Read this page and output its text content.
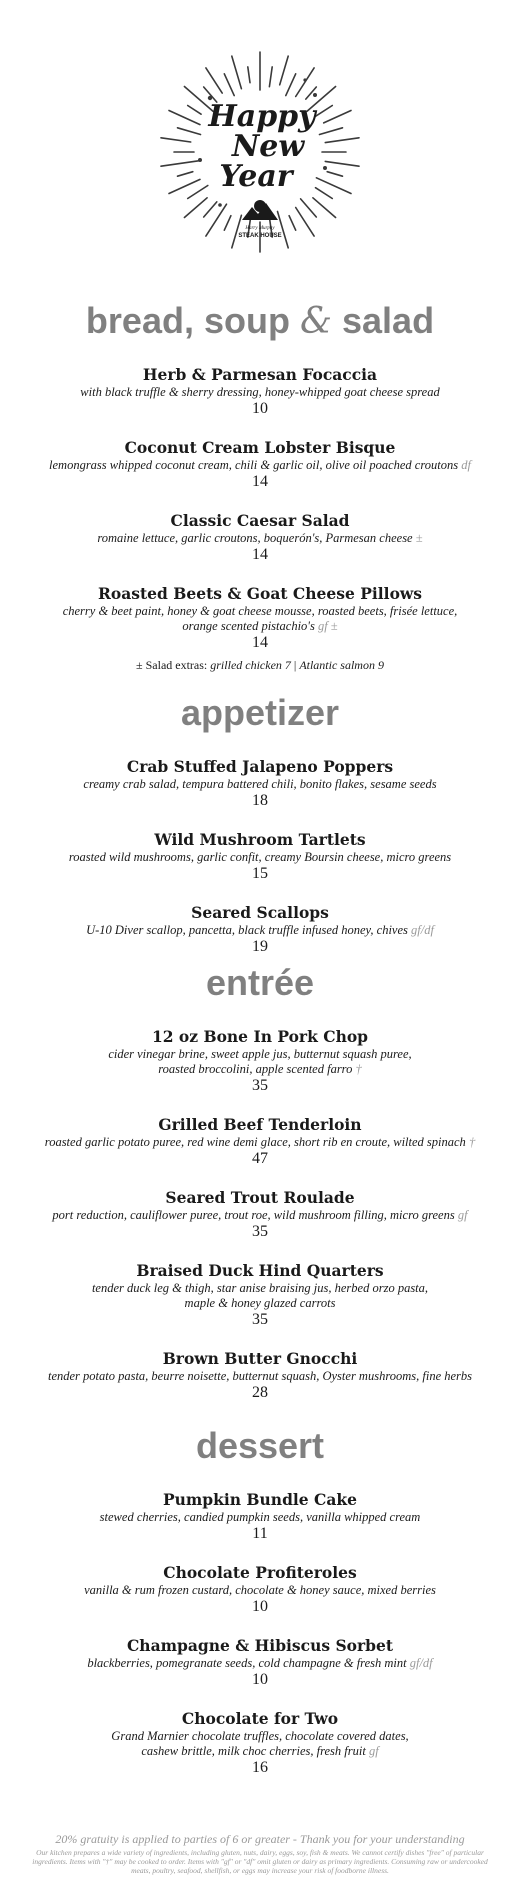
Happy
New
Year
Harry Murphy
STEAK HOUSE
bread, soup & salad
Herb & Parmesan Focaccia
with black truffle & sherry dressing, honey-whipped goat cheese spread
10
Coconut Cream Lobster Bisque
lemongrass whipped coconut cream, chili & garlic oil, olive oil poached croutons df
14
Classic Caesar Salad
romaine lettuce, garlic croutons, boquerón's, Parmesan cheese ±
14
Roasted Beets & Goat Cheese Pillows
cherry & beet paint, honey & goat cheese mousse, roasted beets, frisée lettuce,
orange scented pistachio's gf ±
14
± Salad extras: grilled chicken 7 | Atlantic salmon 9
appetizer
Crab Stuffed Jalapeno Poppers
creamy crab salad, tempura battered chili, bonito flakes, sesame seeds
18
Wild Mushroom Tartlets
roasted wild mushrooms, garlic confit, creamy Boursin cheese, micro greens
15
Seared Scallops
U-10 Diver scallop, pancetta, black truffle infused honey, chives gf/df
19
entrée
12 oz Bone In Pork Chop
cider vinegar brine, sweet apple jus, butternut squash puree,
roasted broccolini, apple scented farro †
35
Grilled Beef Tenderloin
roasted garlic potato puree, red wine demi glace, short rib en croute, wilted spinach †
47
Seared Trout Roulade
port reduction, cauliflower puree, trout roe, wild mushroom filling, micro greens gf
35
Braised Duck Hind Quarters
tender duck leg & thigh, star anise braising jus, herbed orzo pasta,
maple & honey glazed carrots
35
Brown Butter Gnocchi
tender potato pasta, beurre noisette, butternut squash, Oyster mushrooms, fine herbs
28
dessert
Pumpkin Bundle Cake
stewed cherries, candied pumpkin seeds, vanilla whipped cream
11
Chocolate Profiteroles
vanilla & rum frozen custard, chocolate & honey sauce, mixed berries
10
Champagne & Hibiscus Sorbet
blackberries, pomegranate seeds, cold champagne & fresh mint gf/df
10
Chocolate for Two
Grand Marnier chocolate truffles, chocolate covered dates,
cashew brittle, milk choc cherries, fresh fruit gf
16
20% gratuity is applied to parties of 6 or greater - Thank you for your understanding
Our kitchen prepares a wide variety of ingredients, including gluten, nuts, dairy, eggs, soy, fish & meats. We cannot certify dishes "free" of particular ingredients. Items with "†" may be cooked to order. Items with "gf" or "df" omit gluten or dairy as primary ingredients. Consuming raw or undercooked meats, poultry, seafood, shellfish, or eggs may increase your risk of foodborne illness.
